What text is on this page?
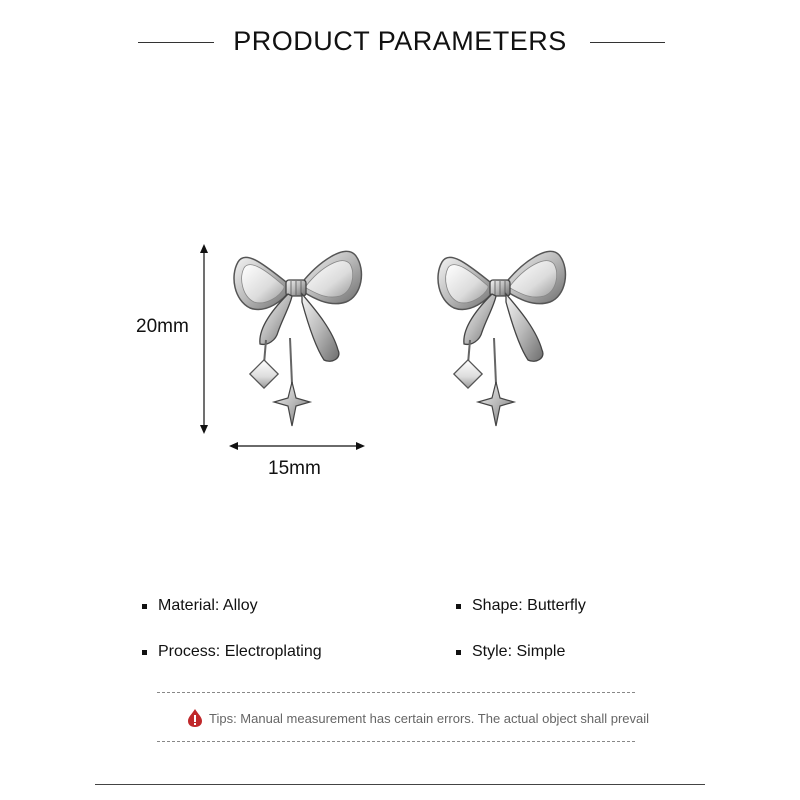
PRODUCT PARAMETERS
20mm
15mm
Material: Alloy	Shape: Butterfly
Process: Electroplating	Style: Simple
Tips: Manual measurement has certain errors. The actual object shall prevail
